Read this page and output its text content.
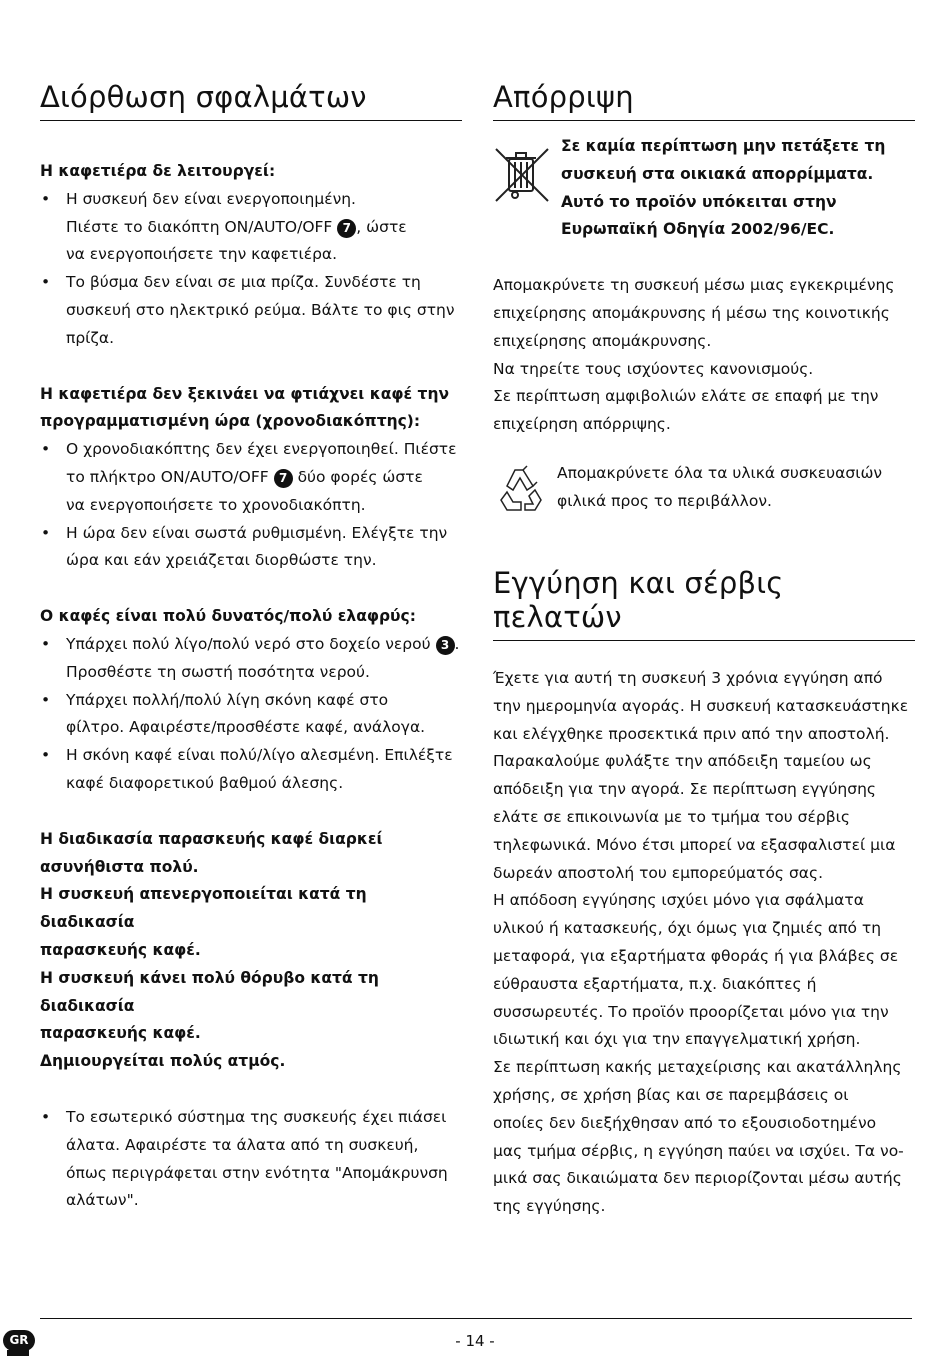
Διόρθωση σφαλμάτων

Η καφετιέρα δε λειτουργεί:

• Η συσκευή δεν είναι ενεργοποιημένη.
Πιέστε το διακόπτη ON/AUTO/OFF 7 , ώστε
να ενεργοποιήσετε την καφετιέρα.
• Το βύσμα δεν είναι σε μια πρίζα. Συνδέστε τη
συσκευή στο ηλεκτρικό ρεύμα. Βάλτε το φις στην
πρίζα.

Η καφετιέρα δεν ξεκινάει να φτιάχνει καφέ την
προγραμματισμένη ώρα (χρονοδιακόπτης):

• Ο χρονοδιακόπτης δεν έχει ενεργοποιηθεί. Πιέστε
το πλήκτρο ON/AUTO/OFF 7 δύο φορές ώστε
να ενεργοποιήσετε το χρονοδιακόπτη.
• Η ώρα δεν είναι σωστά ρυθμισμένη. Ελέγξτε την
ώρα και εάν χρειάζεται διορθώστε την.

Ο καφές είναι πολύ δυνατός/πολύ ελαφρύς:

• Υπάρχει πολύ λίγο/πολύ νερό στο δοχείο νερού 3 .
Προσθέστε τη σωστή ποσότητα νερού.
• Υπάρχει πολλή/πολύ λίγη σκόνη καφέ στο
φίλτρο. Αφαιρέστε/προσθέστε καφέ, ανάλογα.
• Η σκόνη καφέ είναι πολύ/λίγο αλεσμένη. Επιλέξτε
καφέ διαφορετικού βαθμού άλεσης.

Η διαδικασία παρασκευής καφέ διαρκεί
ασυνήθιστα πολύ.
Η συσκευή απενεργοποιείται κατά τη διαδικασία
παρασκευής καφέ.
Η συσκευή κάνει πολύ θόρυβο κατά τη διαδικασία
παρασκευής καφέ.
Δημιουργείται πολύς ατμός.

• Το εσωτερικό σύστημα της συσκευής έχει πιάσει
άλατα. Αφαιρέστε τα άλατα από τη συσκευή,
όπως περιγράφεται στην ενότητα "Απομάκρυνση
αλάτων".
Απόρριψη

Σε καμία περίπτωση μην πετάξετε τη
συσκευή στα οικιακά απορρίμματα.
Αυτό το προϊόν υπόκειται στην
Ευρωπαϊκή Οδηγία 2002/96/EC.

Απομακρύνετε τη συσκευή μέσω μιας εγκεκριμένης
επιχείρησης απομάκρυνσης ή μέσω της κοινοτικής
επιχείρησης απομάκρυνσης.
Να τηρείτε τους ισχύοντες κανονισμούς.
Σε περίπτωση αμφιβολιών ελάτε σε επαφή με την
επιχείρηση απόρριψης.

Απομακρύνετε όλα τα υλικά συσκευασιών
φιλικά προς το περιβάλλον.

Εγγύηση και σέρβις πελατών

Έχετε για αυτή τη συσκευή 3 χρόνια εγγύηση από
την ημερομηνία αγοράς. Η συσκευή κατασκευάστηκε
και ελέγχθηκε προσεκτικά πριν από την αποστολή.
Παρακαλούμε φυλάξτε την απόδειξη ταμείου ως
απόδειξη για την αγορά. Σε περίπτωση εγγύησης
ελάτε σε επικοινωνία με το τμήμα του σέρβις
τηλεφωνικά. Μόνο έτσι μπορεί να εξασφαλιστεί μια
δωρεάν αποστολή του εμπορεύματός σας.
Η απόδοση εγγύησης ισχύει μόνο για σφάλματα
υλικού ή κατασκευής, όχι όμως για ζημιές από τη
μεταφορά, για εξαρτήματα φθοράς ή για βλάβες σε
εύθραυστα εξαρτήματα, π.χ. διακόπτες ή
συσσωρευτές. Το προϊόν προορίζεται μόνο για την
ιδιωτική και όχι για την επαγγελματική χρήση.
Σε περίπτωση κακής μεταχείρισης και ακατάλληλης
χρήσης, σε χρήση βίας και σε παρεμβάσεις οι
οποίες δεν διεξήχθησαν από το εξουσιοδοτημένο
μας τμήμα σέρβις, η εγγύηση παύει να ισχύει. Τα νο-
μικά σας δικαιώματα δεν περιορίζονται μέσω αυτής
της εγγύησης.

GR	- 14 -
